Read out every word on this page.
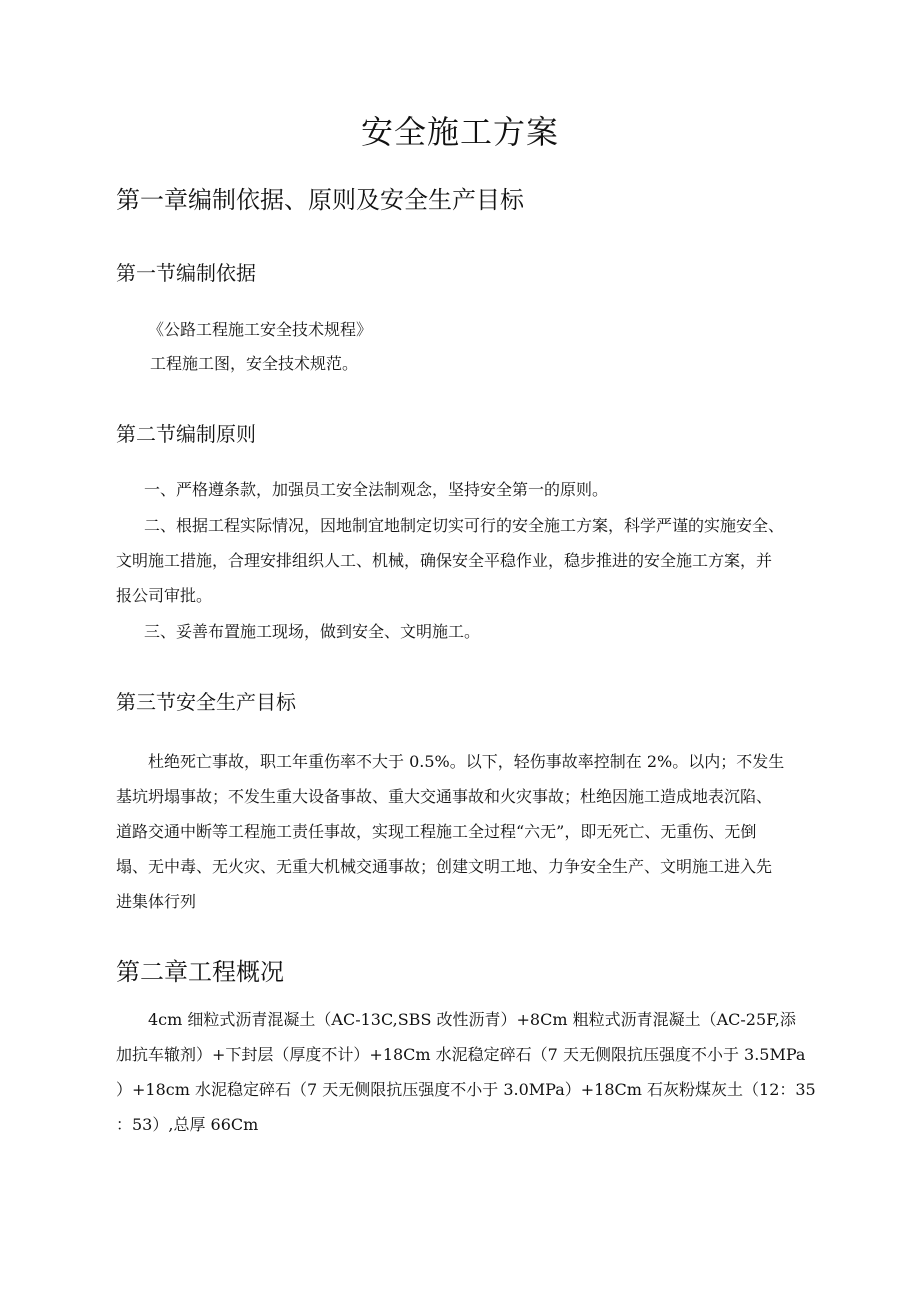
安全施工方案
第一章编制依据、原则及安全生产目标
第一节编制依据
《公路工程施工安全技术规程》
工程施工图，安全技术规范。
第二节编制原则
一、严格遵条款，加强员工安全法制观念，坚持安全第一的原则。
二、根据工程实际情况，因地制宜地制定切实可行的安全施工方案，科学严谨的实施安全、
文明施工措施，合理安排组织人工、机械，确保安全平稳作业，稳步推进的安全施工方案，并
报公司审批。
三、妥善布置施工现场，做到安全、文明施工。
第三节安全生产目标
杜绝死亡事故，职工年重伤率不大于 0.5%。以下，轻伤事故率控制在 2%。以内；不发生
基坑坍塌事故；不发生重大设备事故、重大交通事故和火灾事故；杜绝因施工造成地表沉陷、
道路交通中断等工程施工责任事故，实现工程施工全过程“六无”，即无死亡、无重伤、无倒
塌、无中毒、无火灾、无重大机械交通事故；创建文明工地、力争安全生产、文明施工进入先
进集体行列
第二章工程概况
4cm 细粒式沥青混凝土（AC-13C,SBS 改性沥青）+8Cm 粗粒式沥青混凝土（AC-25F,添
加抗车辙剂）+下封层（厚度不计）+18Cm 水泥稳定碎石（7 天无侧限抗压强度不小于 3.5MPa
）+18cm 水泥稳定碎石（7 天无侧限抗压强度不小于 3.0MPa）+18Cm 石灰粉煤灰土（12：35
：53）,总厚 66Cm
